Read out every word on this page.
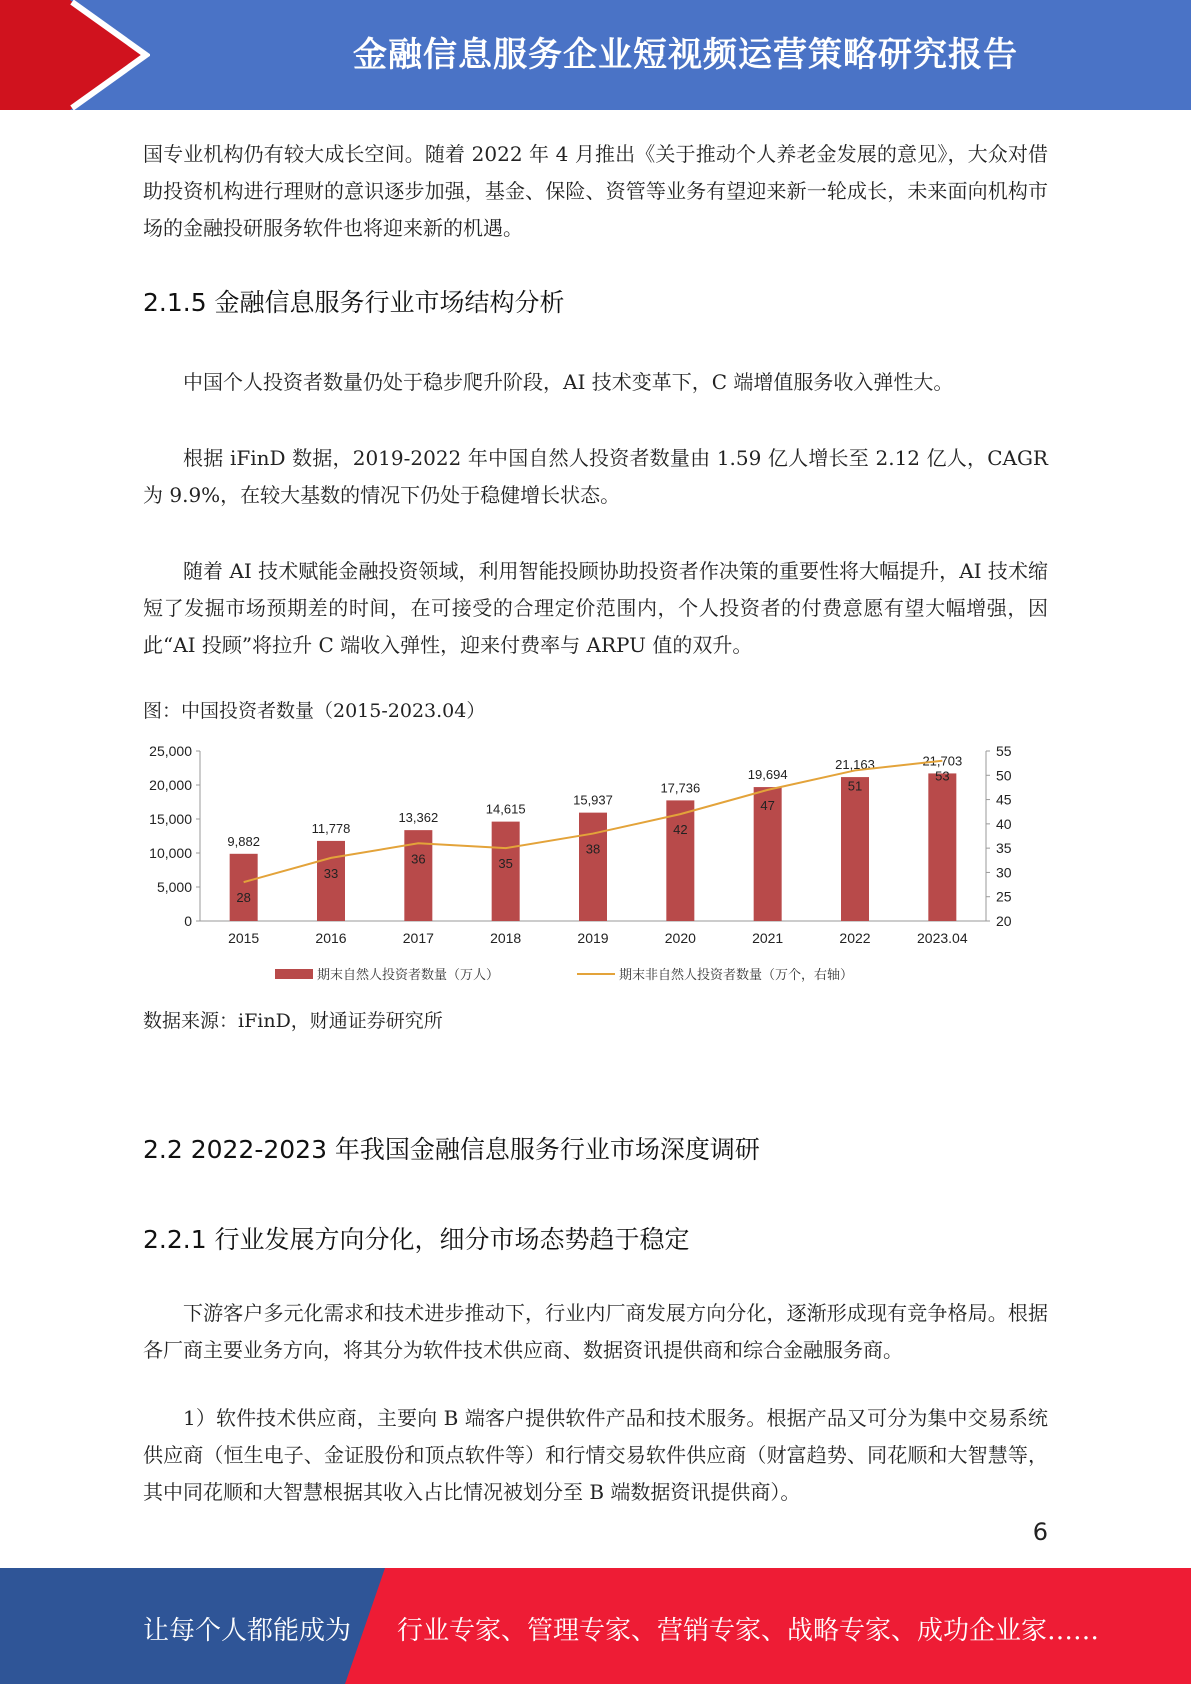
金融信息服务企业短视频运营策略研究报告

国专业机构仍有较大成长空间。随着 2022 年 4 月推出《关于推动个人养老金发展的意见》，大众对借助投资机构进行理财的意识逐步加强，基金、保险、资管等业务有望迎来新一轮成长，未来面向机构市场的金融投研服务软件也将迎来新的机遇。

2.1.5 金融信息服务行业市场结构分析

中国个人投资者数量仍处于稳步爬升阶段，AI 技术变革下，C 端增值服务收入弹性大。

根据 iFinD 数据，2019-2022 年中国自然人投资者数量由 1.59 亿人增长至 2.12 亿人，CAGR 为 9.9%，在较大基数的情况下仍处于稳健增长状态。

随着 AI 技术赋能金融投资领域，利用智能投顾协助投资者作决策的重要性将大幅提升，AI 技术缩短了发掘市场预期差的时间，在可接受的合理定价范围内，个人投资者的付费意愿有望大幅增强，因此“AI 投顾”将拉升 C 端收入弹性，迎来付费率与 ARPU 值的双升。

图：中国投资者数量（2015-2023.04）

0
5,000
10,000
15,000
20,000
25,000
20
25
30
35
40
45
50
55
9,882
2015
11,778
2016
13,362
2017
14,615
2018
15,937
2019
17,736
2020
19,694
2021
21,163
2022
21,703
2023.04
28
33
36	35
38
42
47
51
53
期末自然人投资者数量（万人）	期末非自然人投资者数量（万个，右轴）

数据来源：iFinD，财通证券研究所

2.2 2022-2023 年我国金融信息服务行业市场深度调研
2.2.1 行业发展方向分化，细分市场态势趋于稳定

下游客户多元化需求和技术进步推动下，行业内厂商发展方向分化，逐渐形成现有竞争格局。根据各厂商主要业务方向，将其分为软件技术供应商、数据资讯提供商和综合金融服务商。

1）软件技术供应商，主要向 B 端客户提供软件产品和技术服务。根据产品又可分为集中交易系统供应商（恒生电子、金证股份和顶点软件等）和行情交易软件供应商（财富趋势、同花顺和大智慧等，其中同花顺和大智慧根据其收入占比情况被划分至 B 端数据资讯提供商）。

6
让每个人都能成为 行业专家、管理专家、营销专家、战略专家、成功企业家……
